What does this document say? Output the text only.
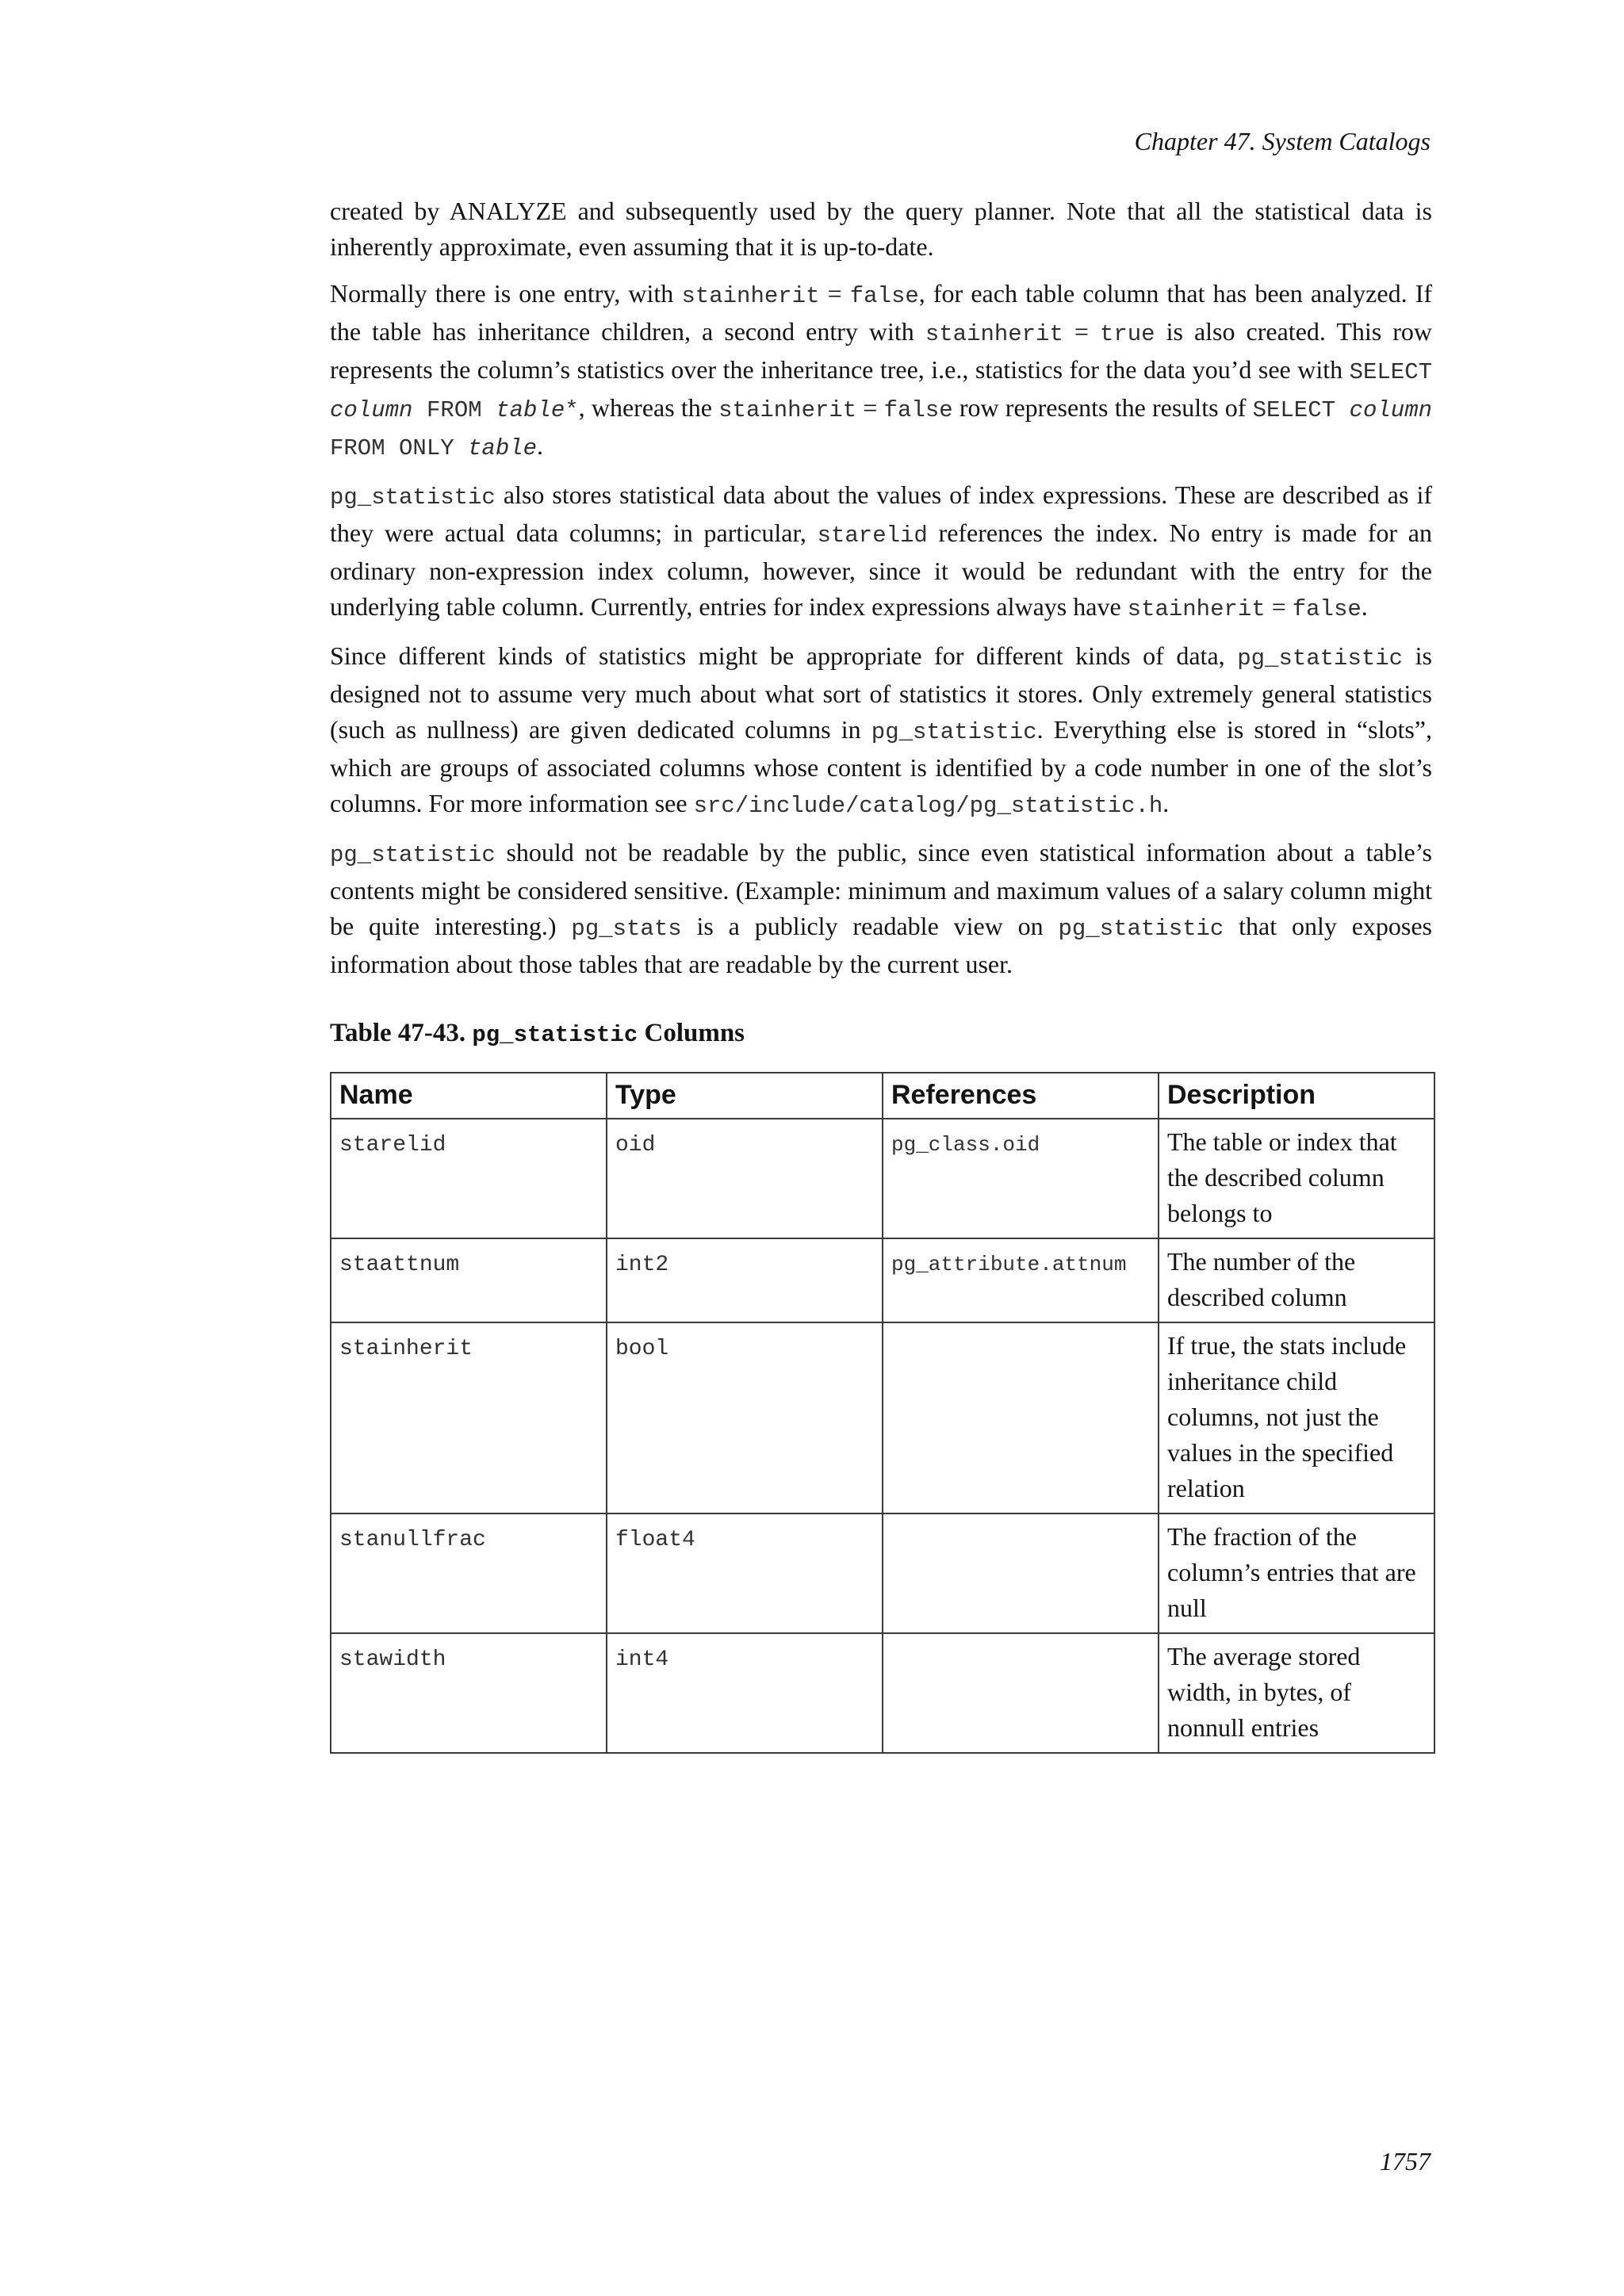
Chapter 47. System Catalogs

created by ANALYZE and subsequently used by the query planner. Note that all the statistical data is inherently approximate, even assuming that it is up-to-date.

Normally there is one entry, with stainherit = false, for each table column that has been analyzed. If the table has inheritance children, a second entry with stainherit = true is also created. This row represents the column’s statistics over the inheritance tree, i.e., statistics for the data you’d see with SELECT column FROM table*, whereas the stainherit = false row represents the results of SELECT column FROM ONLY table.

pg_statistic also stores statistical data about the values of index expressions. These are described as if they were actual data columns; in particular, starelid references the index. No entry is made for an ordinary non-expression index column, however, since it would be redundant with the entry for the underlying table column. Currently, entries for index expressions always have stainherit = false.

Since different kinds of statistics might be appropriate for different kinds of data, pg_statistic is designed not to assume very much about what sort of statistics it stores. Only extremely general statistics (such as nullness) are given dedicated columns in pg_statistic. Everything else is stored in “slots”, which are groups of associated columns whose content is identified by a code number in one of the slot’s columns. For more information see src/include/catalog/pg_statistic.h.

pg_statistic should not be readable by the public, since even statistical information about a table’s contents might be considered sensitive. (Example: minimum and maximum values of a salary column might be quite interesting.) pg_stats is a publicly readable view on pg_statistic that only exposes information about those tables that are readable by the current user.

Table 47-43. pg_statistic Columns
Name	Type	References	Description
starelid	oid	pg_class.oid	The table or index that the described column belongs to
staattnum	int2	pg_attribute.attnum	The number of the described column
stainherit	bool		If true, the stats include inheritance child columns, not just the values in the specified relation
stanullfrac	float4		The fraction of the column’s entries that are null
stawidth	int4		The average stored width, in bytes, of nonnull entries
1757
